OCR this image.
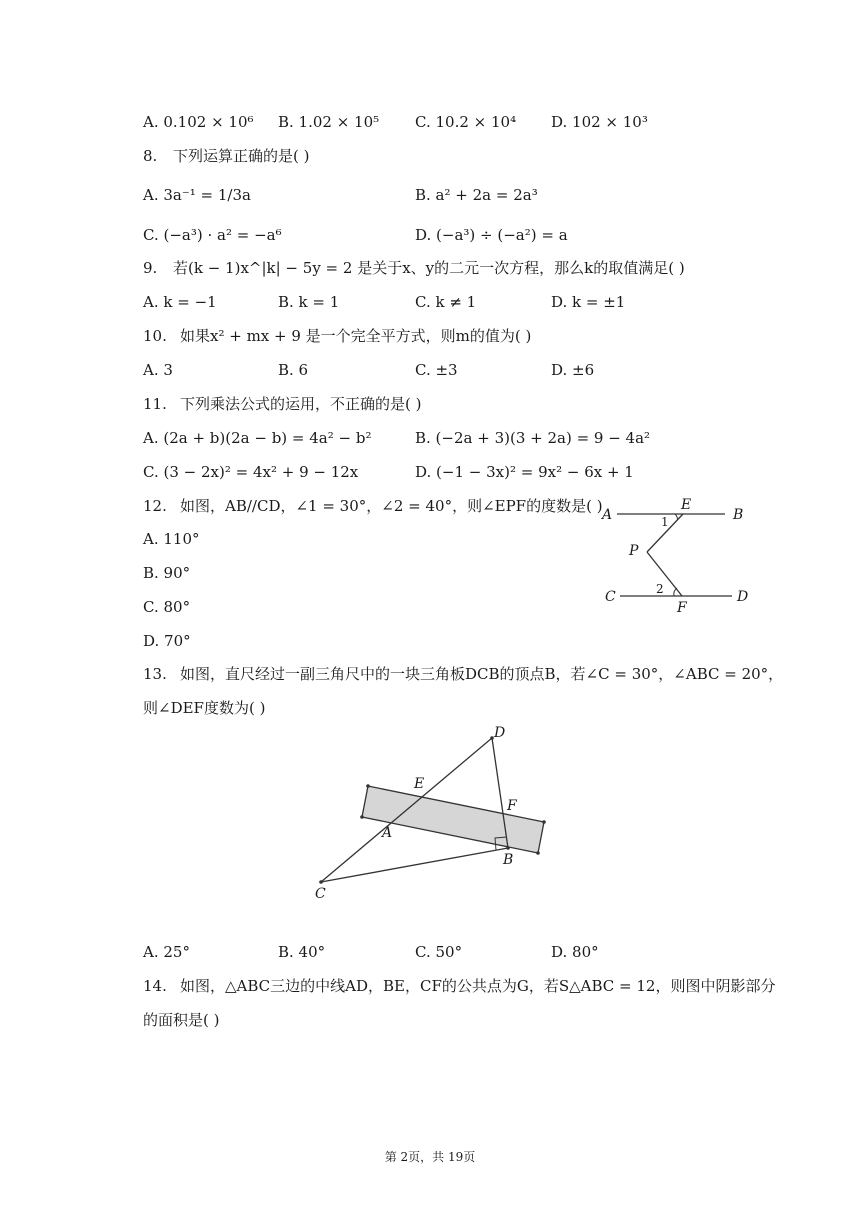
A. 0.102 × 10⁶ B. 1.02 × 10⁵ C. 10.2 × 10⁴ D. 102 × 10³
8. 下列运算正确的是( )
A. 3a⁻¹ = 1/3a	B. a² + 2a = 2a³
C. (−a³) · a² = −a⁶	D. (−a³) ÷ (−a²) = a
9. 若(k − 1)x^|k| − 5y = 2 是关于x、y的二元一次方程，那么k的取值满足( )
A. k = −1	B. k = 1	C. k ≠ 1	D. k = ±1
10. 如果x² + mx + 9 是一个完全平方式，则m的值为( )
A. 3	B. 6	C. ±3	D. ±6
11. 下列乘法公式的运用，不正确的是( )
A. (2a + b)(2a − b) = 4a² − b²	B. (−2a + 3)(3 + 2a) = 9 − 4a²
C. (3 − 2x)² = 4x² + 9 − 12x	D. (−1 − 3x)² = 9x² − 6x + 1
12. 如图，AB//CD，∠1 = 30°，∠2 = 40°，则∠EPF的度数是( )
A. 110°
B. 90°
C. 80°
D. 70°
A
E
B
1
P
C	2
F
D
13. 如图，直尺经过一副三角尺中的一块三角板DCB的顶点B，若∠C = 30°，∠ABC = 20°，
则∠DEF度数为( )
D
E
F
A
B
C
A. 25°	B. 40°	C. 50°	D. 80°
14. 如图，△ABC三边的中线AD，BE，CF的公共点为G，若S△ABC = 12，则图中阴影部分
的面积是( )
第 2页，共 19页
